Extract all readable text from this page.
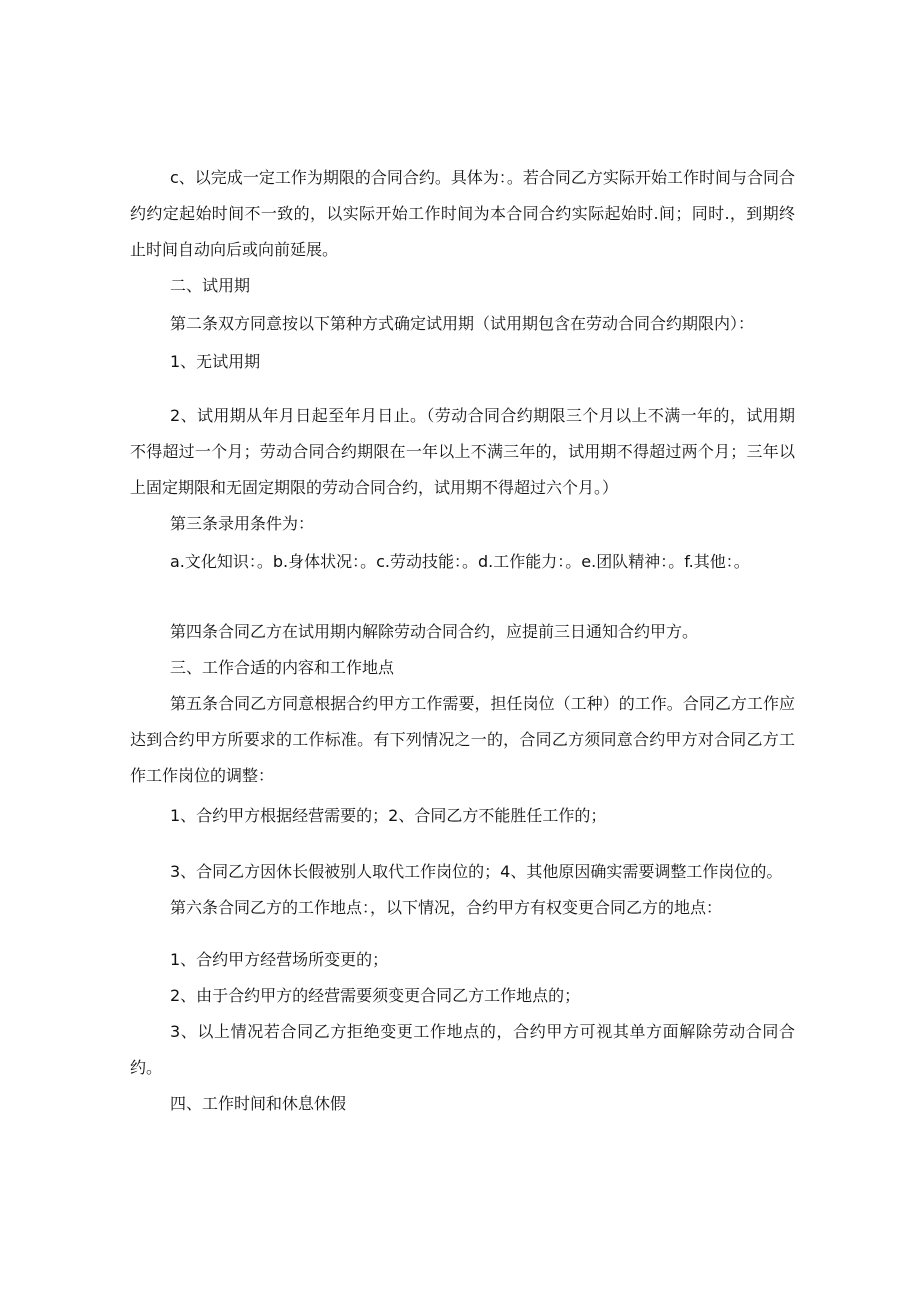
c、以完成一定工作为期限的合同合约。具体为：。若合同乙方实际开始工作时间与合同合约约定起始时间不一致的，以实际开始工作时间为本合同合约实际起始时.间；同时.，到期终止时间自动向后或向前延展。

二、试用期

第二条双方同意按以下第种方式确定试用期（试用期包含在劳动合同合约期限内）：

1、无试用期

2、试用期从年月日起至年月日止。（劳动合同合约期限三个月以上不满一年的，试用期不得超过一个月；劳动合同合约期限在一年以上不满三年的，试用期不得超过两个月；三年以上固定期限和无固定期限的劳动合同合约，试用期不得超过六个月。）

第三条录用条件为：

a.文化知识：。b.身体状况：。c.劳动技能：。d.工作能力：。e.团队精神：。f.其他：。

第四条合同乙方在试用期内解除劳动合同合约，应提前三日通知合约甲方。

三、工作合适的内容和工作地点

第五条合同乙方同意根据合约甲方工作需要，担任岗位（工种）的工作。合同乙方工作应达到合约甲方所要求的工作标准。有下列情况之一的，合同乙方须同意合约甲方对合同乙方工作工作岗位的调整：

1、合约甲方根据经营需要的；2、合同乙方不能胜任工作的；

3、合同乙方因休长假被别人取代工作岗位的；4、其他原因确实需要调整工作岗位的。

第六条合同乙方的工作地点：，以下情况，合约甲方有权变更合同乙方的地点：

1、合约甲方经营场所变更的；

2、由于合约甲方的经营需要须变更合同乙方工作地点的；

3、以上情况若合同乙方拒绝变更工作地点的，合约甲方可视其单方面解除劳动合同合约。

四、工作时间和休息休假
